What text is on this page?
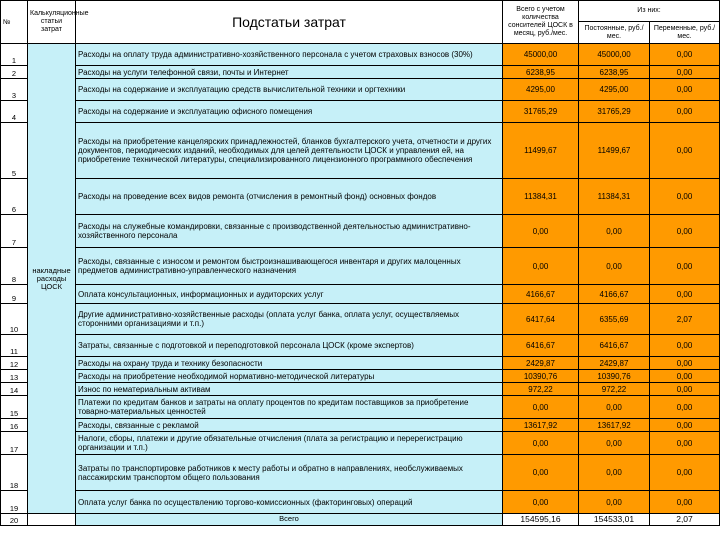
№	Калькуляционные статьи затрат	Подстатьи затрат	Всего с учетом количества сонсителей ЦОСК в месяц, руб./мес.	Из них:	
				Постоянные, руб./мес.	Переменные, руб./мес.
1	накладные расходы ЦОСК	Расходы на оплату труда административно-хозяйственного персонала с учетом страховых взносов (30%)	45000,00	45000,00	0,00
2		Расходы на услуги телефонной связи, почты и Интернет	6238,95	6238,95	0,00
3		Расходы на содержание и эксплуатацию средств вычислительной техники и оргтехники	4295,00	4295,00	0,00
4		Расходы на содержание и эксплуатацию офисного помещения	31765,29	31765,29	0,00
5		Расходы на приобретение канцелярских принадлежностей, бланков бухгалтерского учета, отчетности и других документов, периодических изданий, необходимых для целей деятельности ЦОСК и управления ей, на приобретение технической литературы, специализированного лицензионного программного обеспечения	11499,67	11499,67	0,00
6		Расходы на проведение всех видов ремонта (отчисления в ремонтный фонд) основных фондов	11384,31	11384,31	0,00
7		Расходы на служебные командировки, связанные с производственной деятельностью административно-хозяйственного персонала	0,00	0,00	0,00
8		Расходы, связанные с износом и ремонтом быстроизнашивающегося инвентаря и других малоценных предметов административно-управленческого назначения	0,00	0,00	0,00
9		Оплата консультационных, информационных и аудиторских услуг	4166,67	4166,67	0,00
10		Другие административно-хозяйственные расходы (оплата услуг банка, оплата услуг, осуществляемых сторонними организациями и т.п.)	6417,64	6355,69	2,07
11		Затраты, связанные с подготовкой и переподготовкой персонала ЦОСК (кроме экспертов)	6416,67	6416,67	0,00
12		Расходы на охрану труда и технику безопасности	2429,87	2429,87	0,00
13		Расходы на приобретение необходимой нормативно-методической литературы	10390,76	10390,76	0,00
14		Износ по нематериальным активам	972,22	972,22	0,00
15		Платежи по кредитам банков и затраты на оплату процентов по кредитам поставщиков за приобретение товарно-материальных ценностей	0,00	0,00	0,00
16		Расходы, связанные с рекламой	13617,92	13617,92	0,00
17		Налоги, сборы, платежи и другие обязательные отчисления (плата за регистрацию и перерегистрацию организации и т.п.)	0,00	0,00	0,00
18		Затраты по транспортировке работников к месту работы и обратно в направлениях, необслуживаемых пассажирским транспортом общего пользования	0,00	0,00	0,00
19		Оплата услуг банка по осуществлению торгово-комиссионных (факторинговых) операций	0,00	0,00	0,00
20		Всего	154595,16	154533,01	2,07
